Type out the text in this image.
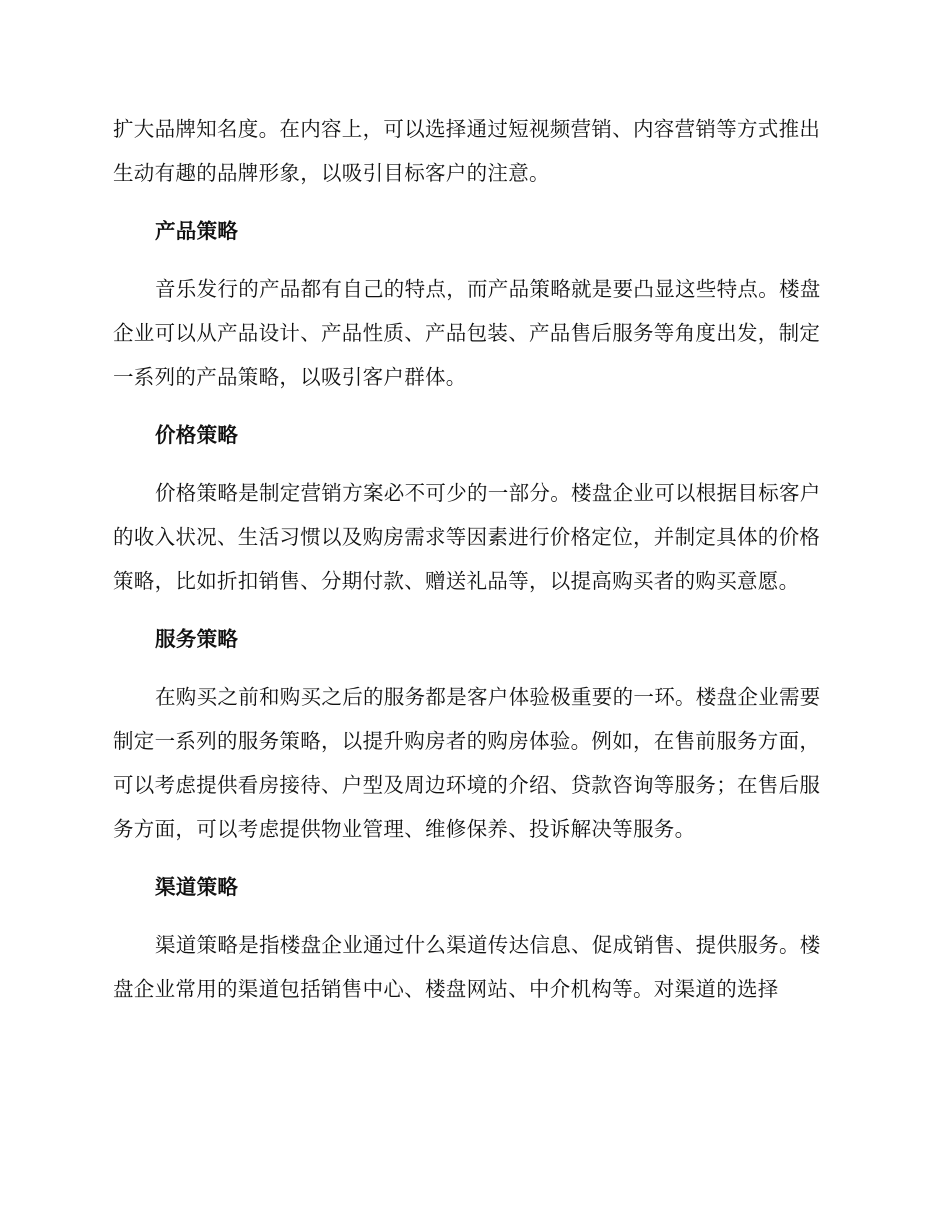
扩大品牌知名度。在内容上，可以选择通过短视频营销、内容营销等方式推出生动有趣的品牌形象，以吸引目标客户的注意。

产品策略

音乐发行的产品都有自己的特点，而产品策略就是要凸显这些特点。楼盘企业可以从产品设计、产品性质、产品包装、产品售后服务等角度出发，制定一系列的产品策略，以吸引客户群体。

价格策略

价格策略是制定营销方案必不可少的一部分。楼盘企业可以根据目标客户的收入状况、生活习惯以及购房需求等因素进行价格定位，并制定具体的价格策略，比如折扣销售、分期付款、赠送礼品等，以提高购买者的购买意愿。

服务策略

在购买之前和购买之后的服务都是客户体验极重要的一环。楼盘企业需要制定一系列的服务策略，以提升购房者的购房体验。例如，在售前服务方面，可以考虑提供看房接待、户型及周边环境的介绍、贷款咨询等服务；在售后服务方面，可以考虑提供物业管理、维修保养、投诉解决等服务。

渠道策略

渠道策略是指楼盘企业通过什么渠道传达信息、促成销售、提供服务。楼盘企业常用的渠道包括销售中心、楼盘网站、中介机构等。对渠道的选择
